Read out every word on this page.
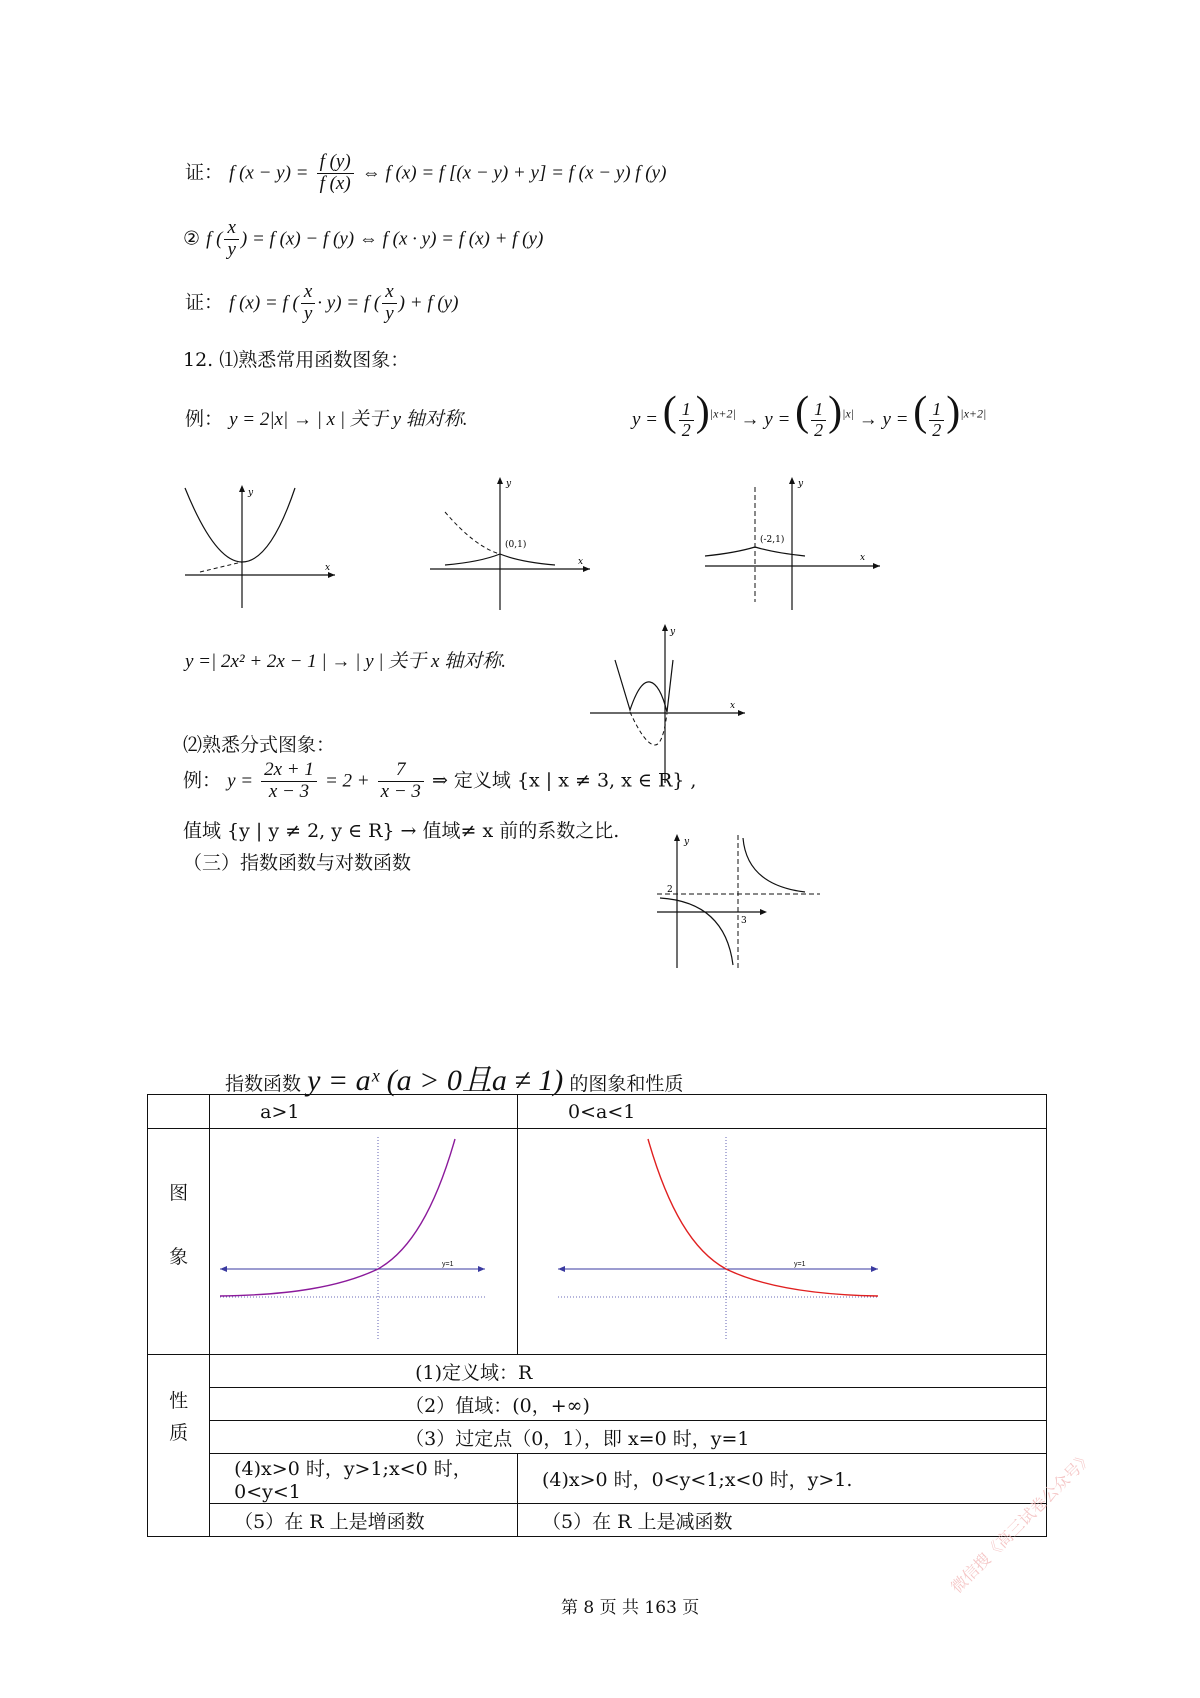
证： f $(x - y) = \frac{f (y)}{f (x)}$ ⇔ f (x) = f [(x − y) + y] = f (x − y) f (y)
② f ( $\frac{x}{y}$ ) = f (x) − f (y) ⇔ f (x · y) = f (x) + f (y)
证： f (x) = f ( $\frac{x}{y} \cdot y) = f$ ( $\frac{x}{y}$ ) + f (y)
12. ⑴熟悉常用函数图象：
例： y = 2|x| → | x | 关于 y 轴对称.	y = ( $\frac{1}{2} )^{|x+2|} \to y$ = ( $\frac{1}{2} )^{|x|} \to y$ = ( $\frac{1}{2} )^{|x+2|}$
y
x
y
x
(0,1)
y
x
(-2,1)
y =| 2x² + 2x − 1 | → | y | 关于 x 轴对称.
y
x
⑵熟悉分式图象：
例： $y = \frac{2x + 1}{x - 3} = 2 + \frac{7}{x - 3}$ ⇒ 定义域 {x | x ≠ 3, x ∈ R} ,
值域 {y | y ≠ 2, y ∈ R} → 值域≠ x 前的系数之比.
（三）指数函数与对数函数
y
2
3
指数函数 y = aˣ (a > 0且a ≠ 1) 的图象和性质
	a>1	0<a<1

图
象	y=1	y=1

性
质	(1)定义域：R	
	（2）值域：(0，+∞)	
	（3）过定点（0，1），即 x=0 时，y=1	
	(4)x>0 时，y>1;x<0 时，0<y<1	(4)x>0 时，0<y<1;x<0 时，y>1.
	（5）在 R 上是增函数	（5）在 R 上是减函数
第 8 页 共 163 页
微信搜《高三试卷公众号》
